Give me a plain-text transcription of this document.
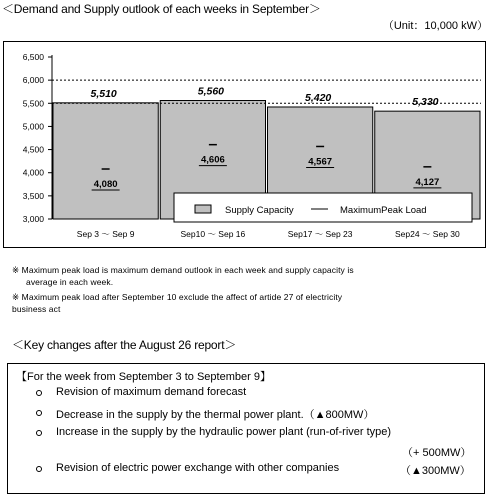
＜Demand and Supply outlook of each weeks in September＞
（Unit：10,000 kW）
3,000
3,500
4,000
4,500
5,000
5,500
6,000
6,500
5,510	5,560
5,420	5,330
4,080
4,606	4,567
4,127
Sep 3 〜 Sep 9	Sep10 〜 Sep 16	Sep17 〜 Sep 23	Sep24 〜 Sep 30
Supply Capacity	MaximumPeak Load
※ Maximum peak load is maximum demand outlook in each week and supply capacity is
average in each week.
※ Maximum peak load after September 10 exclude the affect of artide 27 of electricity
business act
＜Key changes after the August 26 report＞
【For the week from September 3 to September 9】
Revision of maximum demand forecast
Decrease in the supply by the thermal power plant.（▲800MW）
Increase in the supply by the hydraulic power plant (run-of-river type)
（+ 500MW）
Revision of electric power exchange with other companies	（▲300MW）
